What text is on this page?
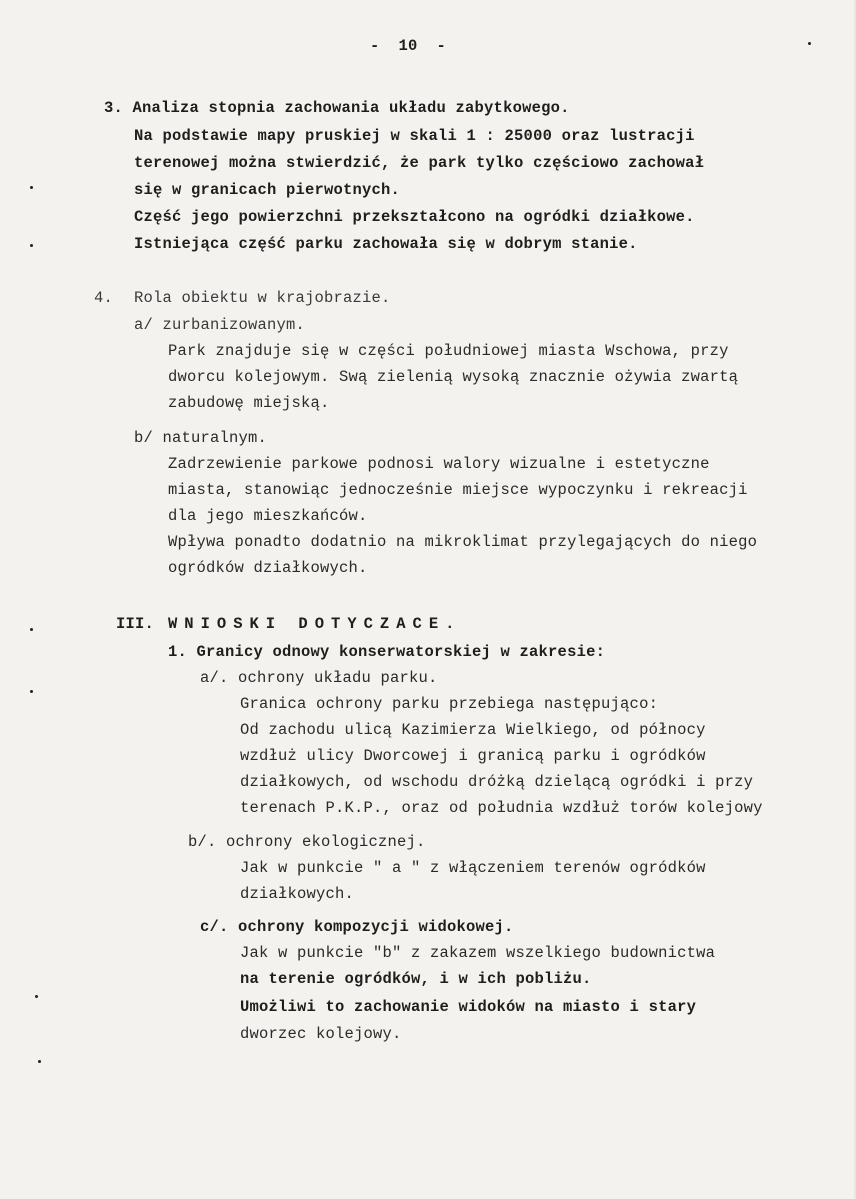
-  10  -
3. Analiza stopnia zachowania układu zabytkowego.
Na podstawie mapy pruskiej w skali 1 : 25000 oraz lustracji
terenowej można stwierdzić, że park tylko częściowo zachował
się w granicach pierwotnych.
Część jego powierzchni przekształcono na ogródki działkowe.
Istniejąca część parku zachowała się w dobrym stanie.
4. Rola obiektu w krajobrazie.
a/ zurbanizowanym.
Park znajduje się w części południowej miasta Wschowa, przy
dworcu kolejowym. Swą zielenią wysoką znacznie ożywia zwartą
zabudowę miejską.
b/ naturalnym.
Zadrzewienie parkowe podnosi walory wizualne i estetyczne
miasta, stanowiąc jednocześnie miejsce wypoczynku i rekreacji
dla jego mieszkańców.
Wpływa ponadto dodatnio na mikroklimat przylegających do niego
ogródków działkowych.
III. WNIOSKI DOTYCZACE.
1. Granicy odnowy konserwatorskiej w zakresie:
a/. ochrony układu parku.
Granica ochrony parku przebiega następująco:
Od zachodu ulicą Kazimierza Wielkiego, od północy
wzdłuż ulicy Dworcowej i granicą parku i ogródków
działkowych, od wschodu dróżką dzielącą ogródki i przy
terenach P.K.P., oraz od południa wzdłuż torów kolejowy
b/. ochrony ekologicznej.
Jak w punkcie " a " z włączeniem terenów ogródków
działkowych.
c/. ochrony kompozycji widokowej.
Jak w punkcie "b" z zakazem wszelkiego budownictwa
na terenie ogródków, i w ich pobliżu.
Umożliwi to zachowanie widoków na miasto i stary
dworzec kolejowy.
